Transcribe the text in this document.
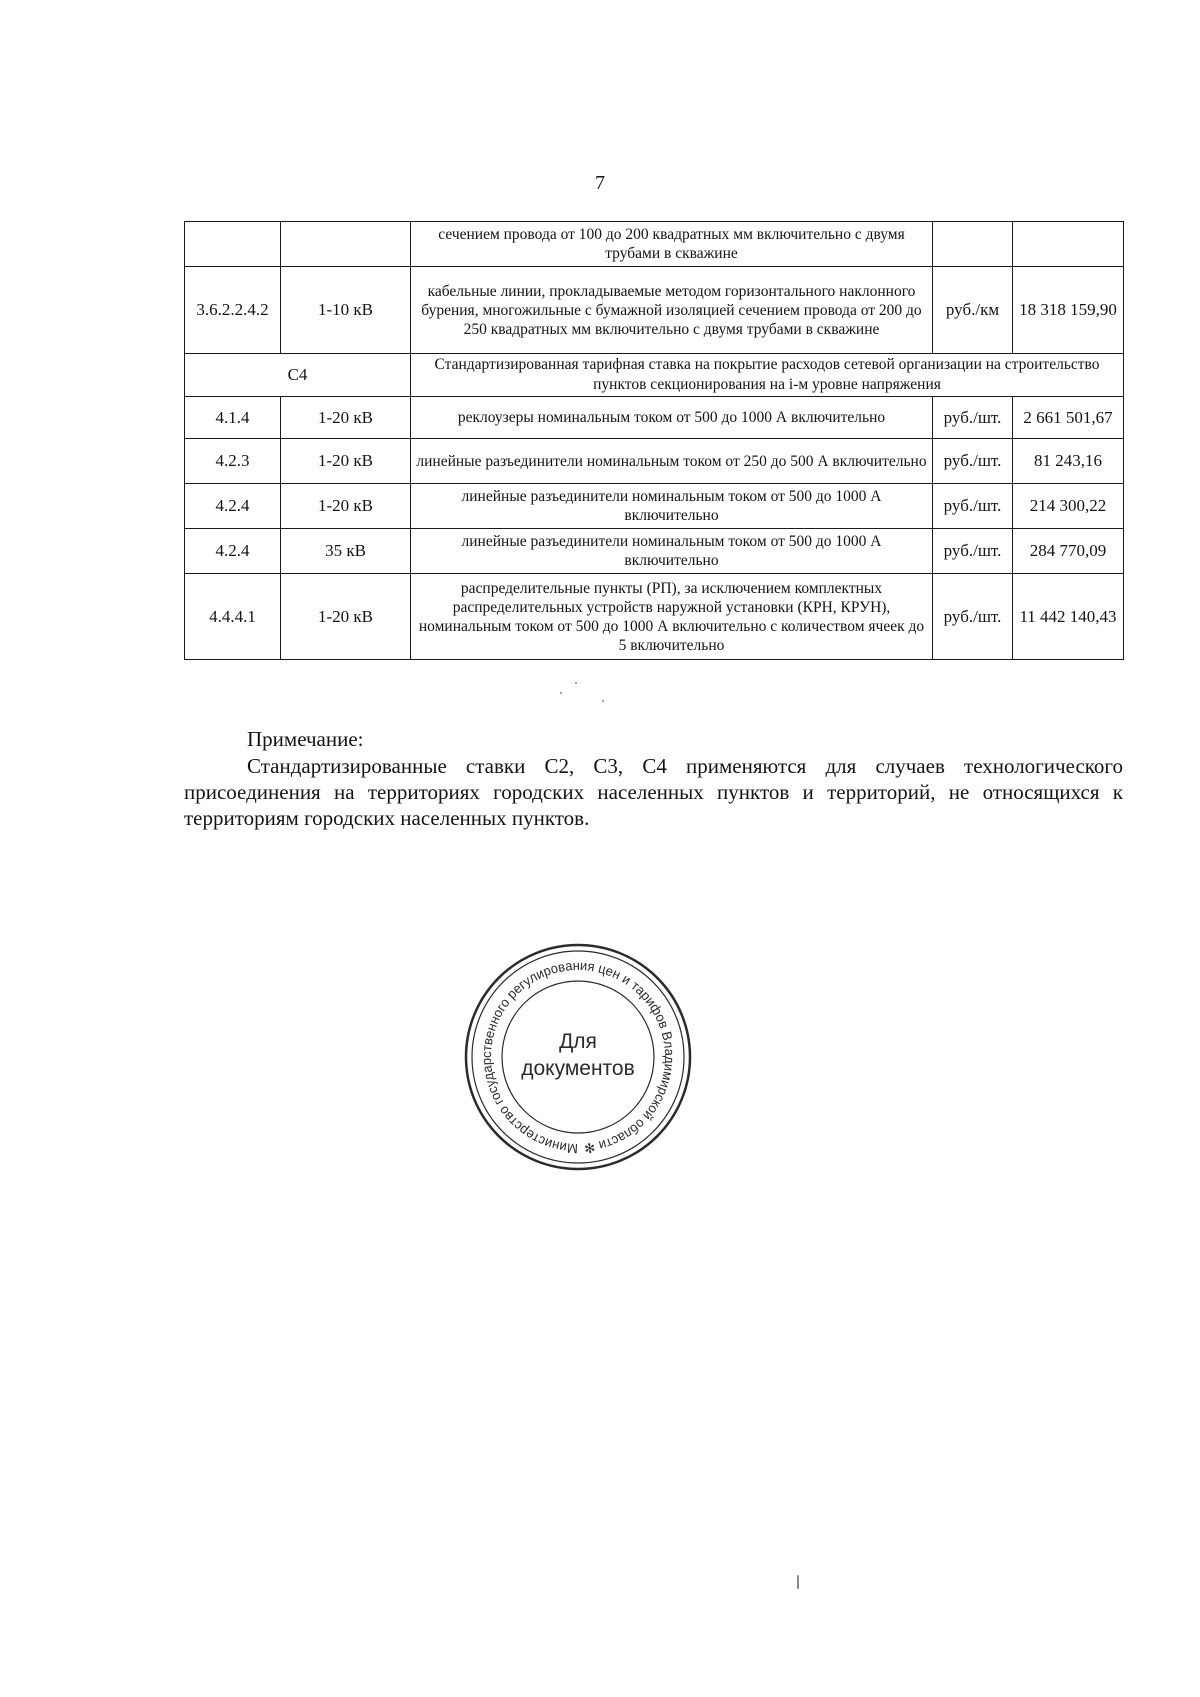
7
		сечением провода от 100 до 200 квадратных мм включительно с двумя трубами в скважине		
3.6.2.2.4.2	1-10 кВ	кабельные линии, прокладываемые методом горизонтального наклонного бурения, многожильные с бумажной изоляцией сечением провода от 200 до 250 квадратных мм включительно с двумя трубами в скважине	руб./км	18 318 159,90
С4		Стандартизированная тарифная ставка на покрытие расходов сетевой организации на строительство пунктов секционирования на i-м уровне напряжения		
4.1.4	1-20 кВ	реклоузеры номинальным током от 500 до 1000 А включительно	руб./шт.	2 661 501,67
4.2.3	1-20 кВ	линейные разъединители номинальным током от 250 до 500 А включительно	руб./шт.	81 243,16
4.2.4	1-20 кВ	линейные разъединители номинальным током от 500 до 1000 А включительно	руб./шт.	214 300,22
4.2.4	35 кВ	линейные разъединители номинальным током от 500 до 1000 А включительно	руб./шт.	284 770,09
4.4.4.1	1-20 кВ	распределительные пункты (РП), за исключением комплектных распределительных устройств наружной установки (КРН, КРУН), номинальным током от 500 до 1000 А включительно с количеством ячеек до 5 включительно	руб./шт.	11 442 140,43
Примечание:
Стандартизированные ставки С2, С3, С4 применяются для случаев технологического присоединения на территориях городских населенных пунктов и территорий, не относящихся к территориям городских населенных пунктов.
Министерство государственного регулирования цен и тарифов Владимирской области ✻
Для
документов
